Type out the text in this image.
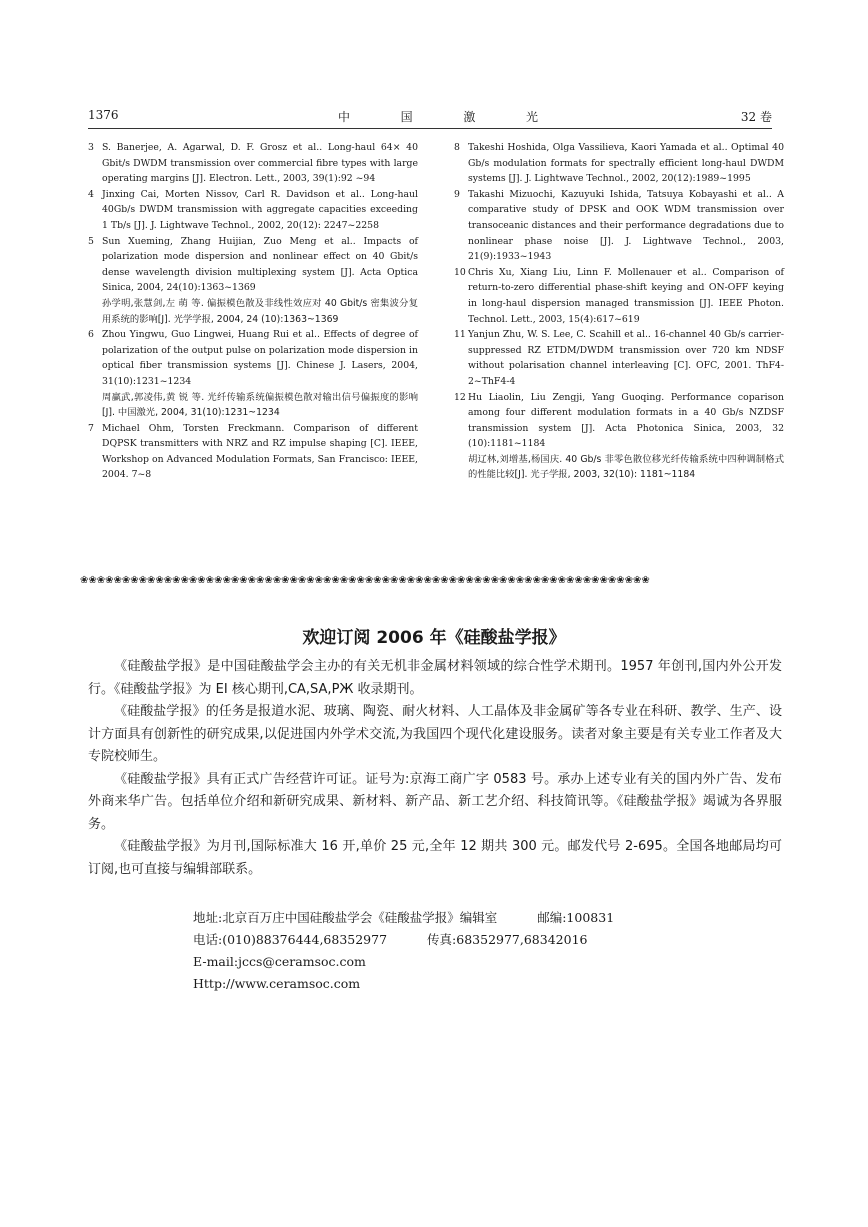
1376	中	国	激	光	32 卷
3 S. Banerjee, A. Agarwal, D. F. Grosz et al.. Long-haul 64× 40 Gbit/s DWDM transmission over commercial fibre types with large operating margins [J]. Electron. Lett., 2003, 39(1):92 ~94
4 Jinxing Cai, Morten Nissov, Carl R. Davidson et al.. Long-haul 40Gb/s DWDM transmission with aggregate capacities exceeding 1 Tb/s [J]. J. Lightwave Technol., 2002, 20(12): 2247~2258
5 Sun Xueming, Zhang Huijian, Zuo Meng et al.. Impacts of polarization mode dispersion and nonlinear effect on 40 Gbit/s dense wavelength division multiplexing system [J]. Acta Optica Sinica, 2004, 24(10):1363~1369
孙学明,张慧剑,左 萌 等. 偏振模色散及非线性效应对 40 Gbit/s 密集波分复用系统的影响[J]. 光学学报, 2004, 24 (10):1363~1369
6 Zhou Yingwu, Guo Lingwei, Huang Rui et al.. Effects of degree of polarization of the output pulse on polarization mode dispersion in optical fiber transmission systems [J]. Chinese J. Lasers, 2004, 31(10):1231~1234
周赢武,郭凌伟,黄 锐 等. 光纤传输系统偏振模色散对输出信号偏振度的影响[J]. 中国激光, 2004, 31(10):1231~1234
7 Michael Ohm, Torsten Freckmann. Comparison of different DQPSK transmitters with NRZ and RZ impulse shaping [C]. IEEE, Workshop on Advanced Modulation Formats, San Francisco: IEEE, 2004. 7~8
8 Takeshi Hoshida, Olga Vassilieva, Kaori Yamada et al.. Optimal 40 Gb/s modulation formats for spectrally efficient long-haul DWDM systems [J]. J. Lightwave Technol., 2002, 20(12):1989~1995
9 Takashi Mizuochi, Kazuyuki Ishida, Tatsuya Kobayashi et al.. A comparative study of DPSK and OOK WDM transmission over transoceanic distances and their performance degradations due to nonlinear phase noise [J]. J. Lightwave Technol., 2003, 21(9):1933~1943
10 Chris Xu, Xiang Liu, Linn F. Mollenauer et al.. Comparison of return-to-zero differential phase-shift keying and ON-OFF keying in long-haul dispersion managed transmission [J]. IEEE Photon. Technol. Lett., 2003, 15(4):617~619
11 Yanjun Zhu, W. S. Lee, C. Scahill et al.. 16-channel 40 Gb/s carrier-suppressed RZ ETDM/DWDM transmission over 720 km NDSF without polarisation channel interleaving [C]. OFC, 2001. ThF4-2~ThF4-4
12 Hu Liaolin, Liu Zengji, Yang Guoqing. Performance coparison among four different modulation formats in a 40 Gb/s NZDSF transmission system [J]. Acta Photonica Sinica, 2003, 32 (10):1181~1184
胡辽林,刘增基,杨国庆. 40 Gb/s 非零色散位移光纤传输系统中四种调制格式的性能比较[J]. 光子学报, 2003, 32(10): 1181~1184
❀❀❀❀❀❀❀❀❀❀❀❀❀❀❀❀❀❀❀❀❀❀❀❀❀❀❀❀❀❀❀❀❀❀❀❀❀❀❀❀❀❀❀❀❀❀❀❀❀❀❀❀❀❀❀❀❀❀❀❀❀❀❀❀❀❀❀❀
欢迎订阅 2006 年《硅酸盐学报》

《硅酸盐学报》是中国硅酸盐学会主办的有关无机非金属材料领域的综合性学术期刊。1957 年创刊,国内外公开发行。《硅酸盐学报》为 EI 核心期刊,CA,SA,РЖ 收录期刊。

《硅酸盐学报》的任务是报道水泥、玻璃、陶瓷、耐火材料、人工晶体及非金属矿等各专业在科研、教学、生产、设计方面具有创新性的研究成果,以促进国内外学术交流,为我国四个现代化建设服务。读者对象主要是有关专业工作者及大专院校师生。

《硅酸盐学报》具有正式广告经营许可证。证号为:京海工商广字 0583 号。承办上述专业有关的国内外广告、发布外商来华广告。包括单位介绍和新研究成果、新材料、新产品、新工艺介绍、科技简讯等。《硅酸盐学报》竭诚为各界服务。

《硅酸盐学报》为月刊,国际标准大 16 开,单价 25 元,全年 12 期共 300 元。邮发代号 2-695。全国各地邮局均可订阅,也可直接与编辑部联系。

地址:北京百万庄中国硅酸盐学会《硅酸盐学报》编辑室	邮编:100831
电话:(010)88376444,68352977	传真:68352977,68342016
E-mail:jccs@ceramsoc.com
Http://www.ceramsoc.com
